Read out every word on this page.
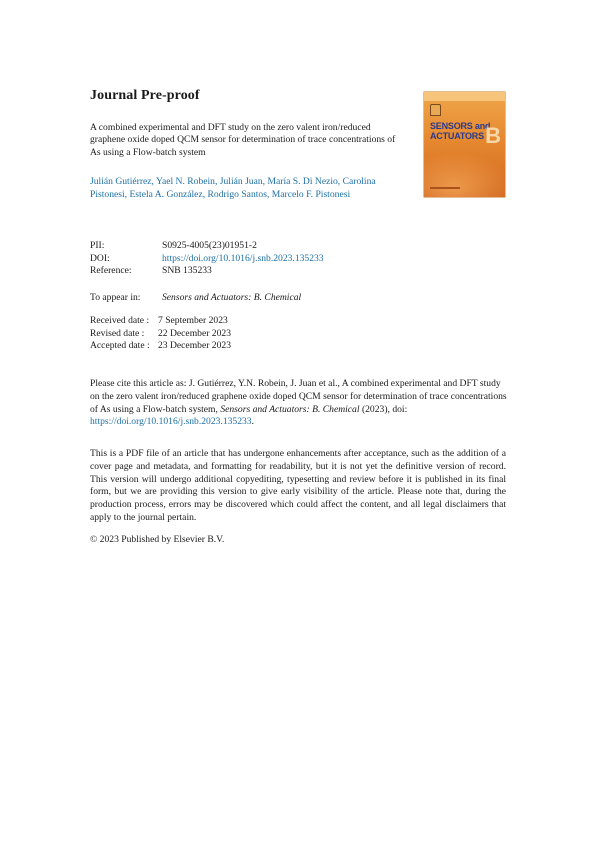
Journal Pre-proof

A combined experimental and DFT study on the zero valent iron/reduced graphene oxide doped QCM sensor for determination of trace concentrations of As using a Flow-batch system

Julián Gutiérrez, Yael N. Robein, Julián Juan, María S. Di Nezio, Carolina Pistonesi, Estela A. González, Rodrigo Santos, Marcelo F. Pistonesi

SENSORS and
ACTUATORS B
PII:	S0925-4005(23)01951-2
DOI:	https://doi.org/10.1016/j.snb.2023.135233
Reference:	SNB 135233
To appear in:	Sensors and Actuators: B. Chemical
Received date : 7 September 2023
Revised date :	22 December 2023
Accepted date : 23 December 2023

Please cite this article as: J. Gutiérrez, Y.N. Robein, J. Juan et al., A combined experimental and DFT study on the zero valent iron/reduced graphene oxide doped QCM sensor for determination of trace concentrations of As using a Flow-batch system, Sensors and Actuators: B. Chemical (2023), doi: https://doi.org/10.1016/j.snb.2023.135233.

This is a PDF file of an article that has undergone enhancements after acceptance, such as the addition of a cover page and metadata, and formatting for readability, but it is not yet the definitive version of record. This version will undergo additional copyediting, typesetting and review before it is published in its final form, but we are providing this version to give early visibility of the article. Please note that, during the production process, errors may be discovered which could affect the content, and all legal disclaimers that apply to the journal pertain.

© 2023 Published by Elsevier B.V.
